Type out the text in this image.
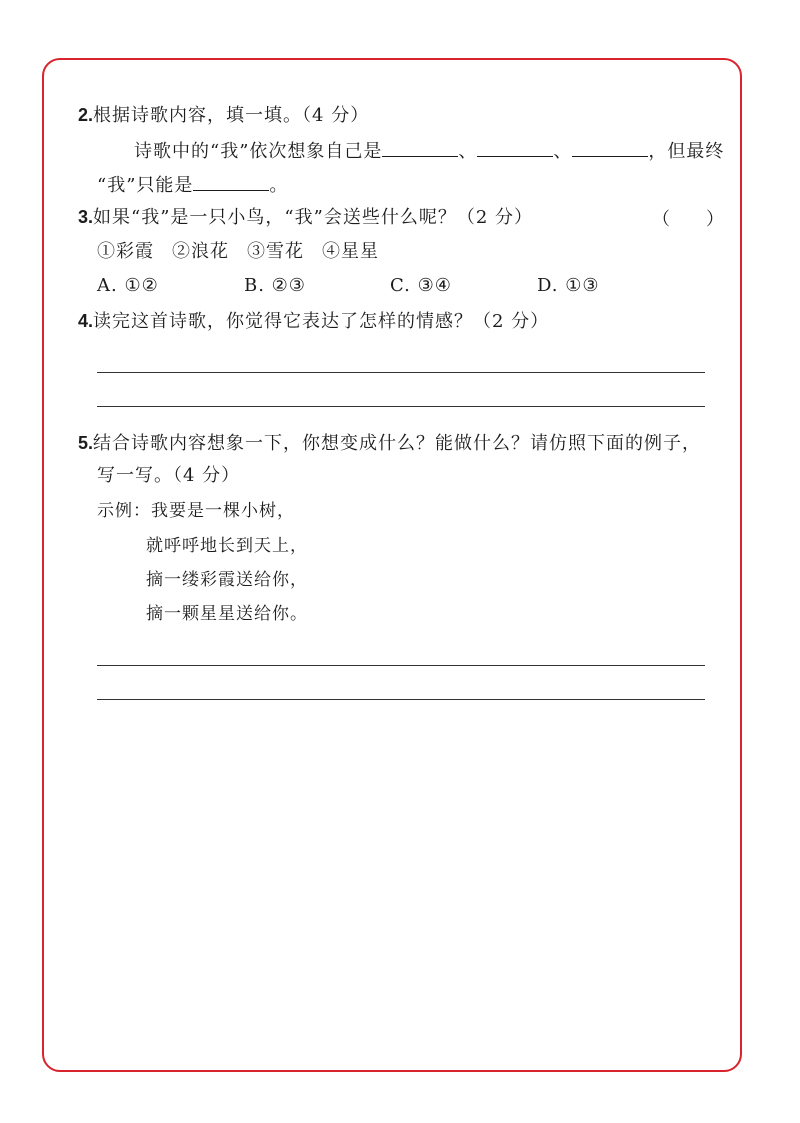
2.根据诗歌内容，填一填。（4 分）
诗歌中的“我”依次想象自己是	、	、	，但最终
“我”只能是	。
3.如果“我”是一只小鸟，“我”会送些什么呢？（2 分）	（　　）
①彩霞 ②浪花 ③雪花 ④星星
A. ①②	B. ②③	C. ③④	D. ①③
4.读完这首诗歌，你觉得它表达了怎样的情感？（2 分）
5.结合诗歌内容想象一下，你想变成什么？能做什么？请仿照下面的例子，
写一写。（4 分）
示例：我要是一棵小树，
就呼呼地长到天上，
摘一缕彩霞送给你，
摘一颗星星送给你。
